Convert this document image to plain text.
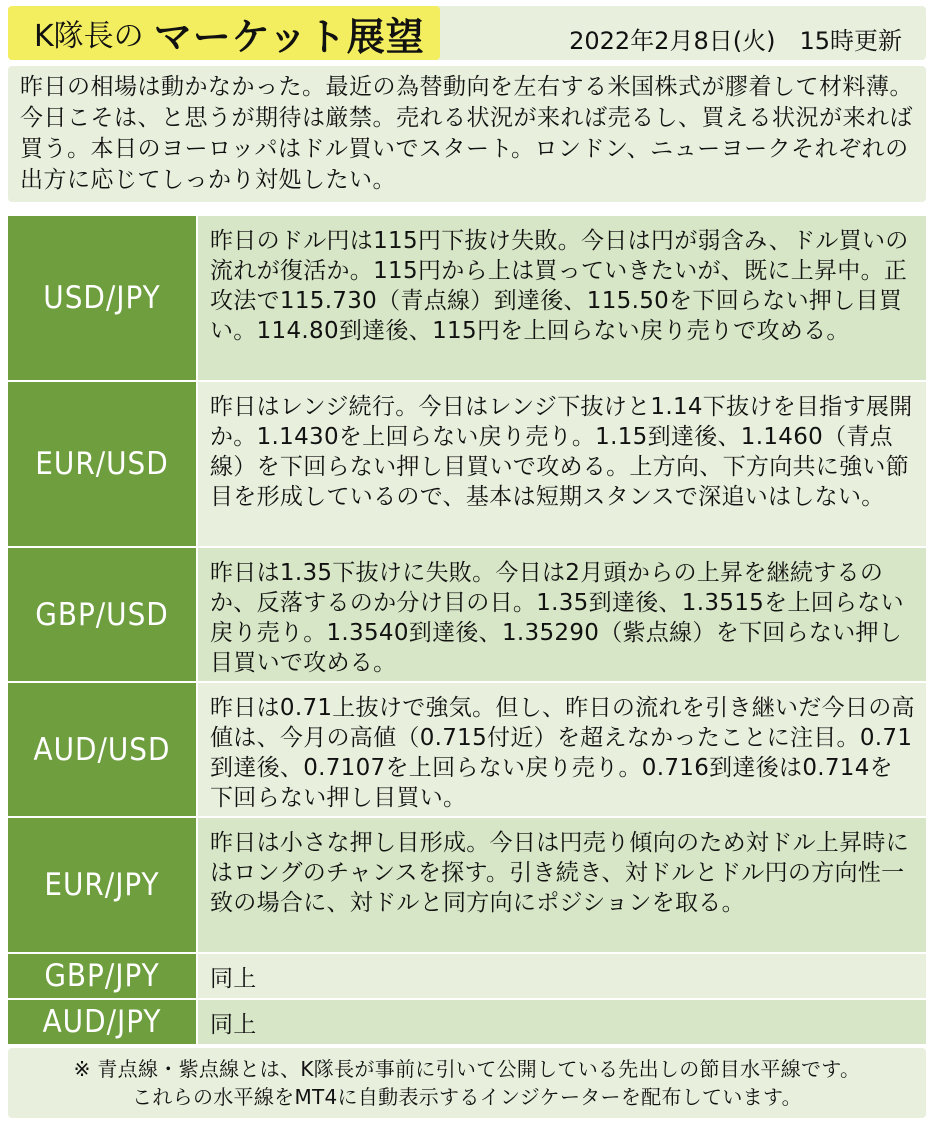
2022年2月8日(火)　15時更新
K隊長の マーケット展望
昨日の相場は動かなかった。最近の為替動向を左右する米国株式が膠着して材料薄。今日こそは、と思うが期待は厳禁。売れる状況が来れば売るし、買える状況が来れば買う。本日のヨーロッパはドル買いでスタート。ロンドン、ニューヨークそれぞれの出方に応じてしっかり対処したい。
USD/JPY
昨日のドル円は115円下抜け失敗。今日は円が弱含み、ドル買いの流れが復活か。115円から上は買っていきたいが、既に上昇中。正攻法で115.730（青点線）到達後、115.50を下回らない押し目買い。114.80到達後、115円を上回らない戻り売りで攻める。
EUR/USD
昨日はレンジ続行。今日はレンジ下抜けと1.14下抜けを目指す展開か。1.1430を上回らない戻り売り。1.15到達後、1.1460（青点線）を下回らない押し目買いで攻める。上方向、下方向共に強い節目を形成しているので、基本は短期スタンスで深追いはしない。
GBP/USD
昨日は1.35下抜けに失敗。今日は2月頭からの上昇を継続するのか、反落するのか分け目の日。1.35到達後、1.3515を上回らない戻り売り。1.3540到達後、1.35290（紫点線）を下回らない押し目買いで攻める。
AUD/USD
昨日は0.71上抜けで強気。但し、昨日の流れを引き継いだ今日の高値は、今月の高値（0.715付近）を超えなかったことに注目。0.71到達後、0.7107を上回らない戻り売り。0.716到達後は0.714を下回らない押し目買い。
EUR/JPY
昨日は小さな押し目形成。今日は円売り傾向のため対ドル上昇時にはロングのチャンスを探す。引き続き、対ドルとドル円の方向性一致の場合に、対ドルと同方向にポジションを取る。
GBP/JPY	同上
AUD/JPY	同上
※ 青点線・紫点線とは、K隊長が事前に引いて公開している先出しの節目水平線です。
これらの水平線をMT4に自動表示するインジケーターを配布しています。
